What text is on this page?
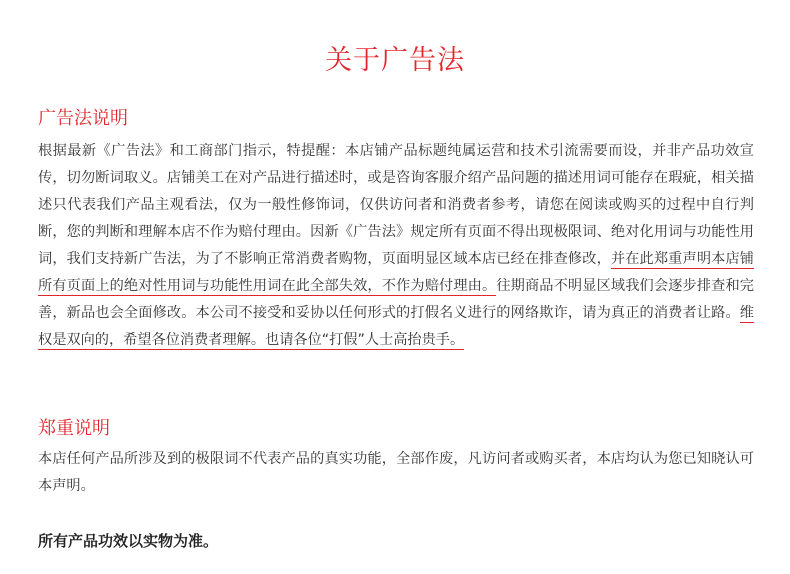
关于广告法
广告法说明

根据最新《广告法》和工商部门指示，特提醒：本店铺产品标题纯属运营和技术引流需要而设，并非产品功效宣传，切勿断词取义。店铺美工在对产品进行描述时，或是咨询客服介绍产品问题的描述用词可能存在瑕疵，相关描述只代表我们产品主观看法，仅为一般性修饰词，仅供访问者和消费者参考，请您在阅读或购买的过程中自行判断，您的判断和理解本店不作为赔付理由。因新《广告法》规定所有页面不得出现极限词、绝对化用词与功能性用词，我们支持新广告法，为了不影响正常消费者购物，页面明显区域本店已经在排查修改，并在此郑重声明本店铺所有页面上的绝对性用词与功能性用词在此全部失效，不作为赔付理由。往期商品不明显区域我们会逐步排查和完善，新品也会全面修改。本公司不接受和妥协以任何形式的打假名义进行的网络欺诈，请为真正的消费者让路。维权是双向的，希望各位消费者理解。也请各位“打假”人士高抬贵手。

郑重说明

本店任何产品所涉及到的极限词不代表产品的真实功能，全部作废，凡访问者或购买者，本店均认为您已知晓认可本声明。

所有产品功效以实物为准。
